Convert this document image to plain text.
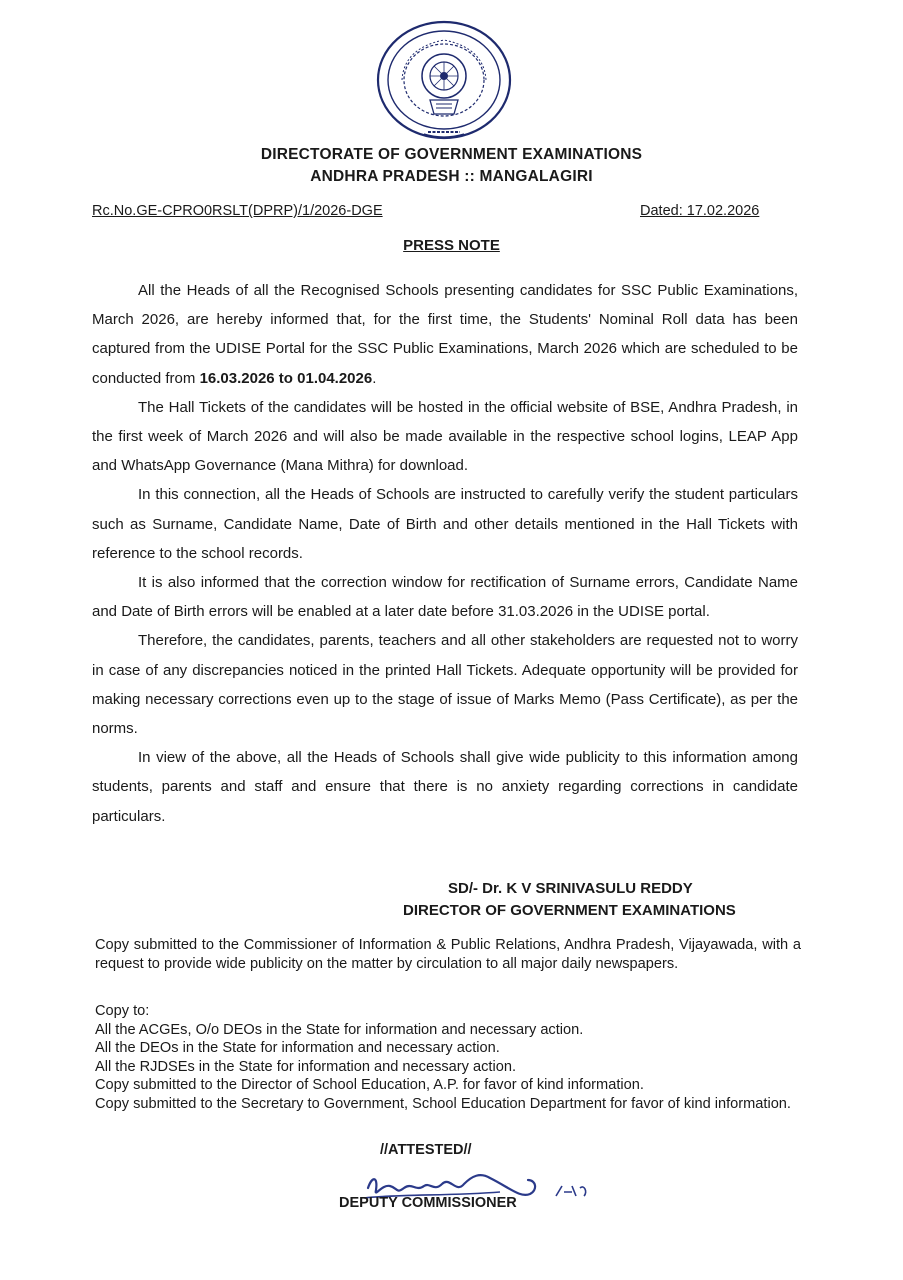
DIRECTORATE OF GOVERNMENT EXAMINATIONS
ANDHRA PRADESH :: MANGALAGIRI
Rc.No.GE-CPRO0RSLT(DPRP)/1/2026-DGE	Dated: 17.02.2026
PRESS NOTE

All the Heads of all the Recognised Schools presenting candidates for SSC Public Examinations, March 2026, are hereby informed that, for the first time, the Students' Nominal Roll data has been captured from the UDISE Portal for the SSC Public Examinations, March 2026 which are scheduled to be conducted from 16.03.2026 to 01.04.2026.

The Hall Tickets of the candidates will be hosted in the official website of BSE, Andhra Pradesh, in the first week of March 2026 and will also be made available in the respective school logins, LEAP App and WhatsApp Governance (Mana Mithra) for download.

In this connection, all the Heads of Schools are instructed to carefully verify the student particulars such as Surname, Candidate Name, Date of Birth and other details mentioned in the Hall Tickets with reference to the school records.

It is also informed that the correction window for rectification of Surname errors, Candidate Name and Date of Birth errors will be enabled at a later date before 31.03.2026 in the UDISE portal.

Therefore, the candidates, parents, teachers and all other stakeholders are requested not to worry in case of any discrepancies noticed in the printed Hall Tickets. Adequate opportunity will be provided for making necessary corrections even up to the stage of issue of Marks Memo (Pass Certificate), as per the norms.

In view of the above, all the Heads of Schools shall give wide publicity to this information among students, parents and staff and ensure that there is no anxiety regarding corrections in candidate particulars.

SD/- Dr. K V SRINIVASULU REDDY
DIRECTOR OF GOVERNMENT EXAMINATIONS
Copy submitted to the Commissioner of Information & Public Relations, Andhra Pradesh, Vijayawada, with a request to provide wide publicity on the matter by circulation to all major daily newspapers.
Copy to:
All the ACGEs, O/o DEOs in the State for information and necessary action.
All the DEOs in the State for information and necessary action.
All the RJDSEs in the State for information and necessary action.
Copy submitted to the Director of School Education, A.P. for favor of kind information.
Copy submitted to the Secretary to Government, School Education Department for favor of kind information.
//ATTESTED//
DEPUTY COMMISSIONER
